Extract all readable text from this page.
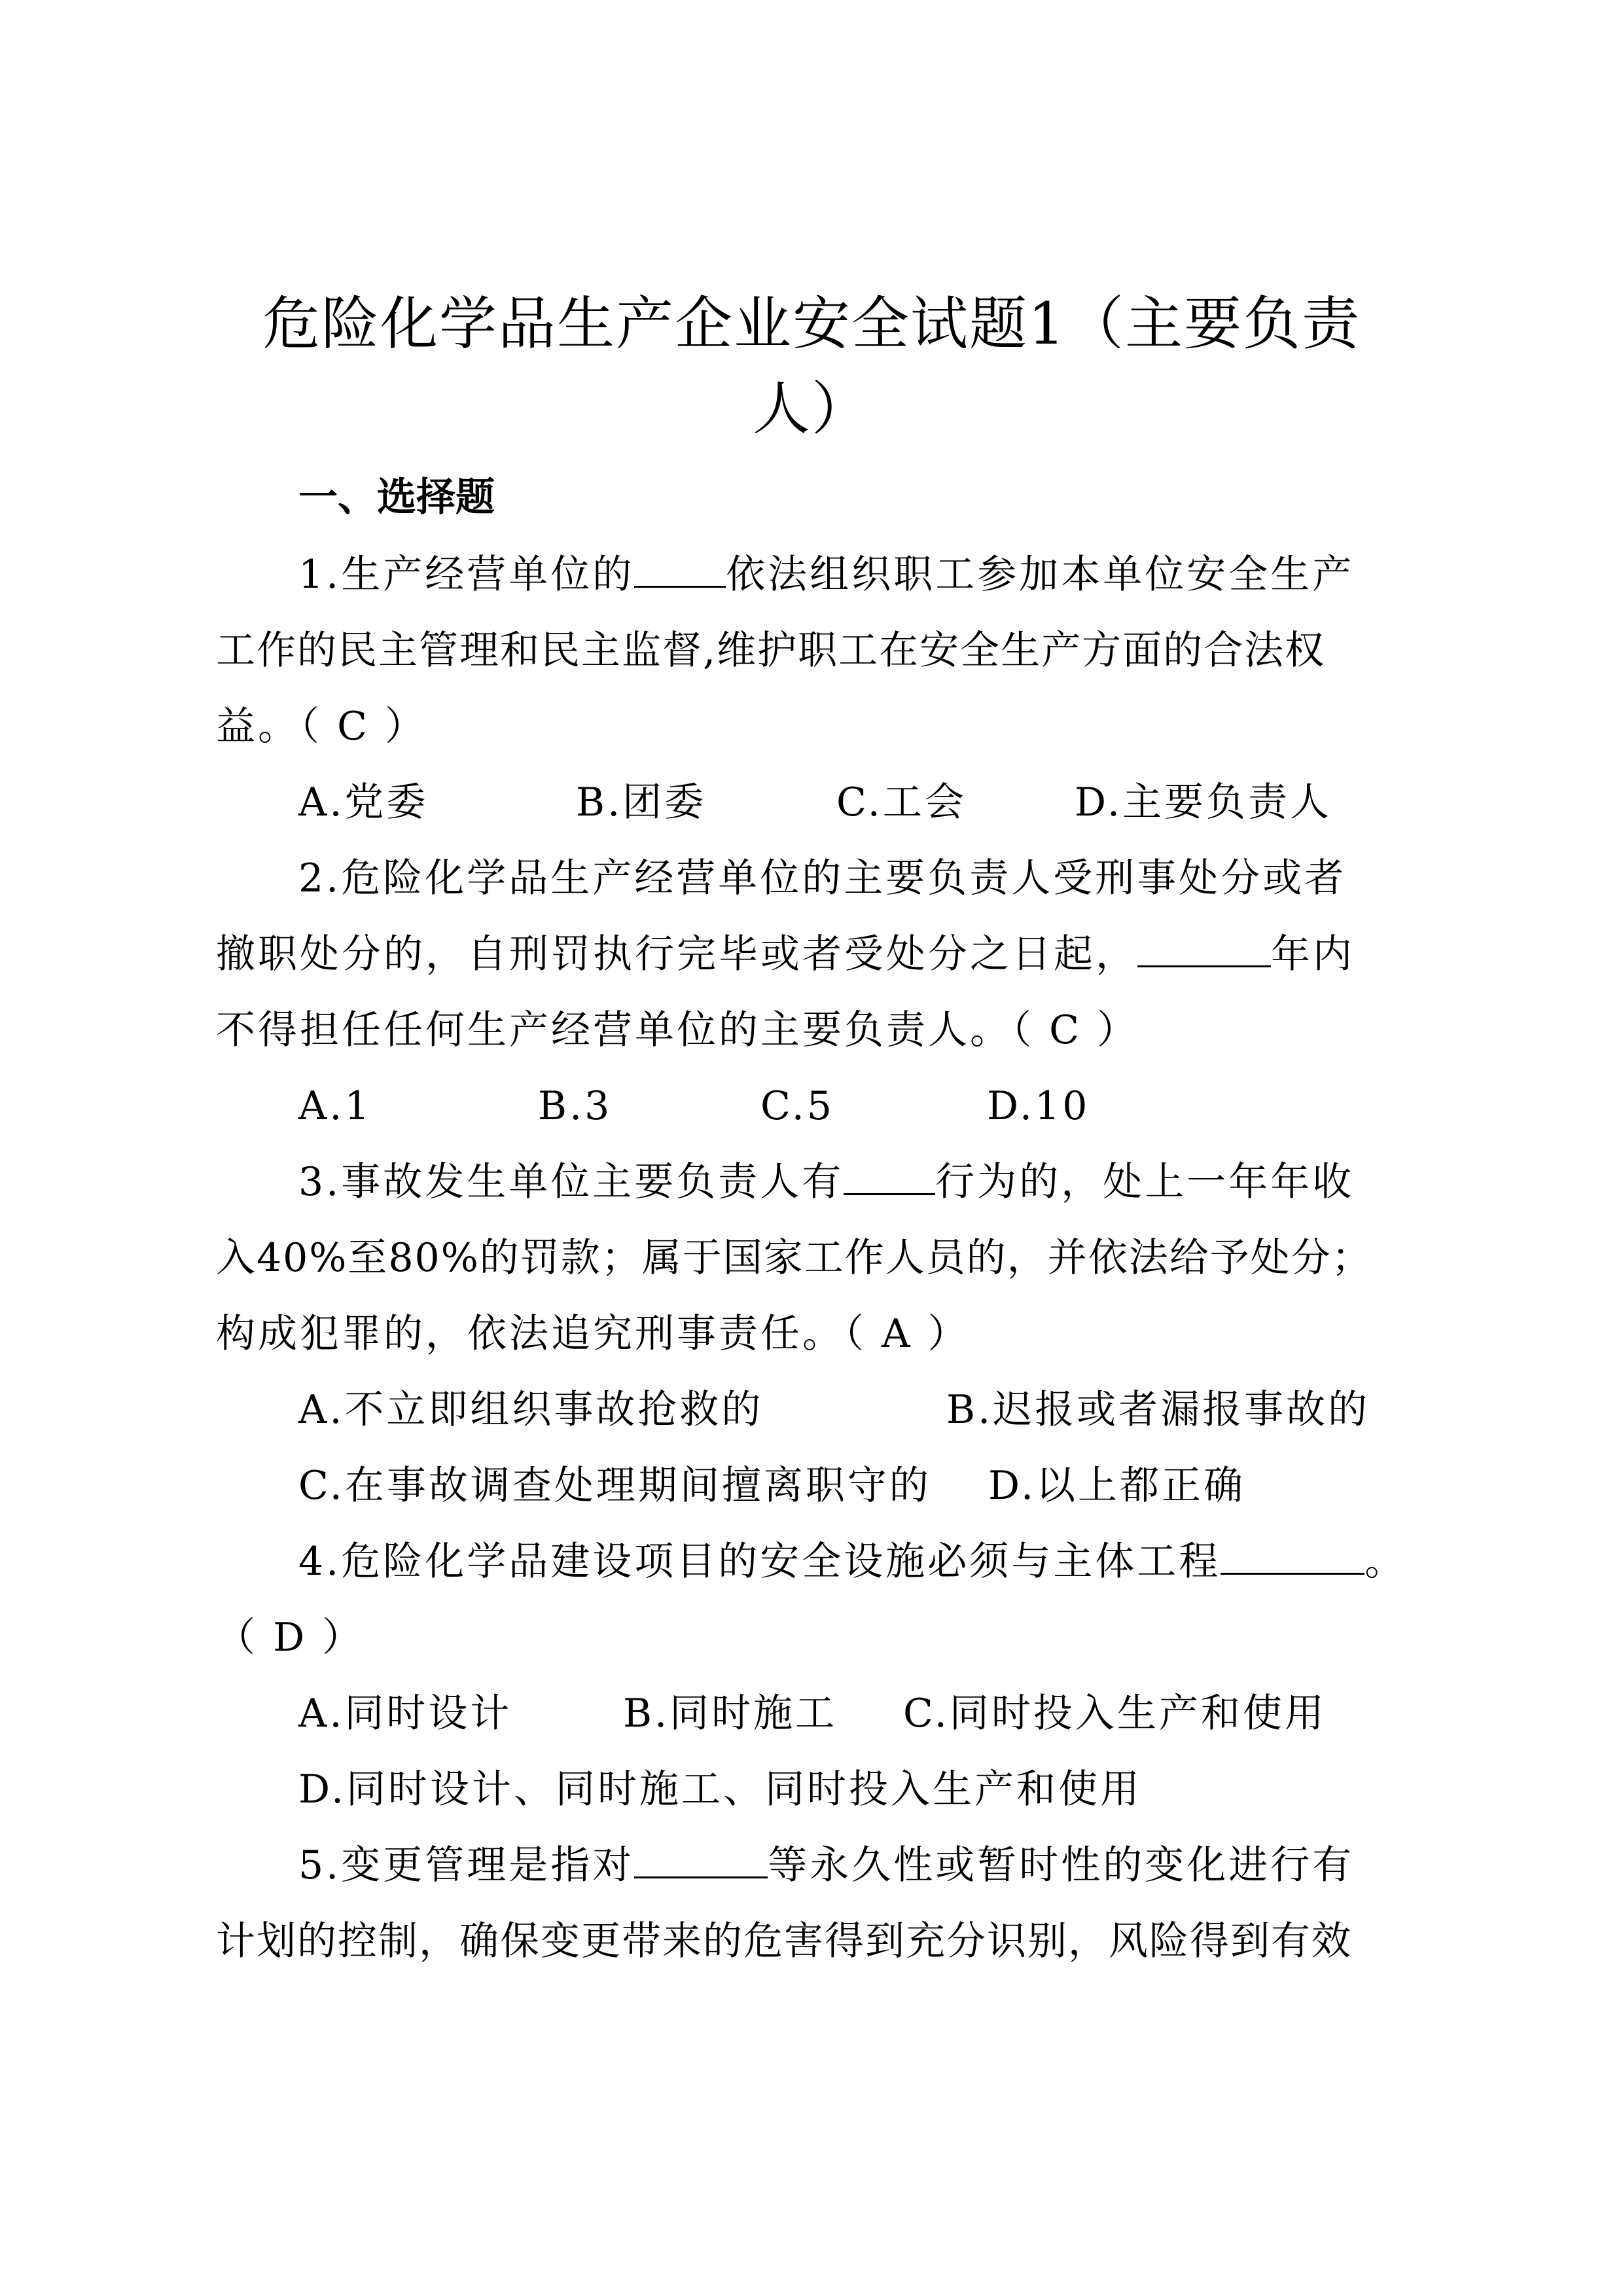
危险化学品生产企业安全试题1（主要负责
人）
一、选择题
1.生产经营单位的 依法组织职工参加本单位安全生产
工作的民主管理和民主监督,维护职工在安全生产方面的合法权
益。（ C ）
A.党委	B.团委	C.工会	D.主要负责人
2.危险化学品生产经营单位的主要负责人受刑事处分或者
撤职处分的，自刑罚执行完毕或者受处分之日起，	年内
不得担任任何生产经营单位的主要负责人。（ C ）
A.1	B.3	C.5	D.10
3.事故发生单位主要负责人有 行为的，处上一年年收
入40%至80%的罚款；属于国家工作人员的，并依法给予处分；
构成犯罪的，依法追究刑事责任。（ A ）
A.不立即组织事故抢救的	B.迟报或者漏报事故的
C.在事故调查处理期间擅离职守的 D.以上都正确
4.危险化学品建设项目的安全设施必须与主体工程	。
（ D ）
A.同时设计	B.同时施工 C.同时投入生产和使用
D.同时设计、同时施工、同时投入生产和使用
5.变更管理是指对	等永久性或暂时性的变化进行有
计划的控制，确保变更带来的危害得到充分识别，风险得到有效
